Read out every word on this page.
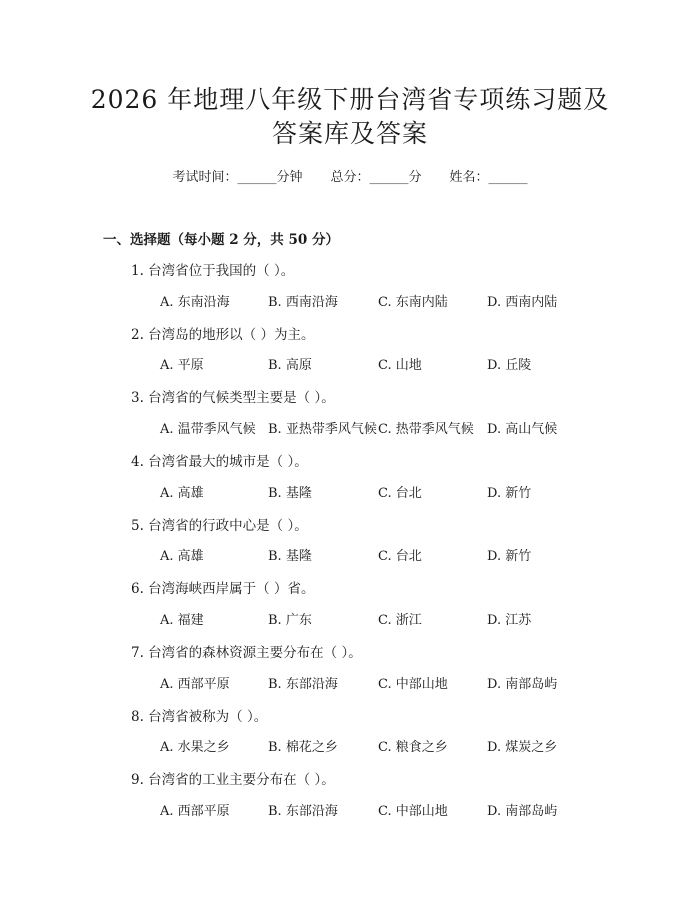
2026 年地理八年级下册台湾省专项练习题及
答案库及答案
考试时间：______分钟 总分：______分 姓名：______
一、选择题（每小题 2 分，共 50 分）
1. 台湾省位于我国的（ ）。
A. 东南沿海	B. 西南沿海	C. 东南内陆	D. 西南内陆
2. 台湾岛的地形以（ ）为主。
A. 平原	B. 高原	C. 山地	D. 丘陵
3. 台湾省的气候类型主要是（ ）。
A. 温带季风气候 B. 亚热带季风气候 C. 热带季风气候 D. 高山气候
4. 台湾省最大的城市是（ ）。
A. 高雄	B. 基隆	C. 台北	D. 新竹
5. 台湾省的行政中心是（ ）。
A. 高雄	B. 基隆	C. 台北	D. 新竹
6. 台湾海峡西岸属于（ ）省。
A. 福建	B. 广东	C. 浙江	D. 江苏
7. 台湾省的森林资源主要分布在（ ）。
A. 西部平原	B. 东部沿海	C. 中部山地	D. 南部岛屿
8. 台湾省被称为（ ）。
A. 水果之乡	B. 棉花之乡	C. 粮食之乡	D. 煤炭之乡
9. 台湾省的工业主要分布在（ ）。
A. 西部平原	B. 东部沿海	C. 中部山地	D. 南部岛屿
